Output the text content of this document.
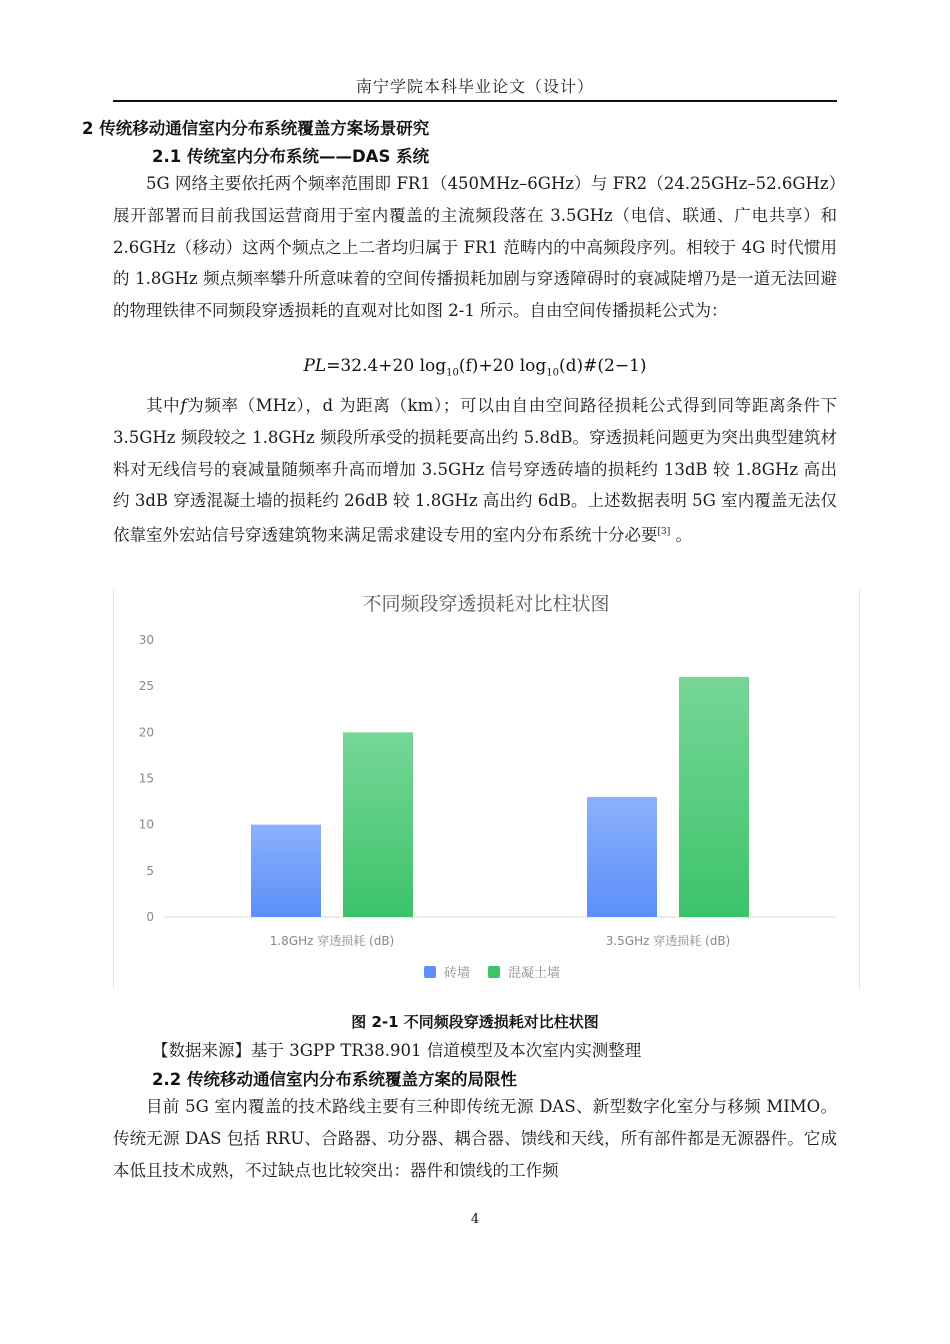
南宁学院本科毕业论文（设计）
2 传统移动通信室内分布系统覆盖方案场景研究
2.1 传统室内分布系统——DAS 系统

5G 网络主要依托两个频率范围即 FR1（450MHz–6GHz）与 FR2（24.25GHz–52.6GHz）展开部署而目前我国运营商用于室内覆盖的主流频段落在 3.5GHz（电信、联通、广电共享）和 2.6GHz（移动）这两个频点之上二者均归属于 FR1 范畴内的中高频段序列。相较于 4G 时代惯用的 1.8GHz 频点频率攀升所意味着的空间传播损耗加剧与穿透障碍时的衰减陡增乃是一道无法回避的物理铁律不同频段穿透损耗的直观对比如图 2-1 所示。自由空间传播损耗公式为：

PL=32.4+20 $\log_{10}(f)+20$ $\log_{10}(d)\#(2-1)$

其中f为频率（MHz），d 为距离（km）；可以由自由空间路径损耗公式得到同等距离条件下 3.5GHz 频段较之 1.8GHz 频段所承受的损耗要高出约 5.8dB。穿透损耗问题更为突出典型建筑材料对无线信号的衰减量随频率升高而增加 3.5GHz 信号穿透砖墙的损耗约 13dB 较 1.8GHz 高出约 3dB 穿透混凝土墙的损耗约 26dB 较 1.8GHz 高出约 6dB。上述数据表明 5G 室内覆盖无法仅依靠室外宏站信号穿透建筑物来满足需求建设专用的室内分布系统十分必要[3] 。

不同频段穿透损耗对比柱状图
0
5
10
15
20
25
30
1.8GHz 穿透损耗 (dB)	3.5GHz 穿透损耗 (dB)
砖墙	混凝土墙
图 2-1 不同频段穿透损耗对比柱状图
【数据来源】基于 3GPP TR38.901 信道模型及本次室内实测整理
2.2 传统移动通信室内分布系统覆盖方案的局限性

目前 5G 室内覆盖的技术路线主要有三种即传统无源 DAS、新型数字化室分与移频 MIMO。传统无源 DAS 包括 RRU、合路器、功分器、耦合器、馈线和天线，所有部件都是无源器件。它成本低且技术成熟，不过缺点也比较突出：器件和馈线的工作频

4
